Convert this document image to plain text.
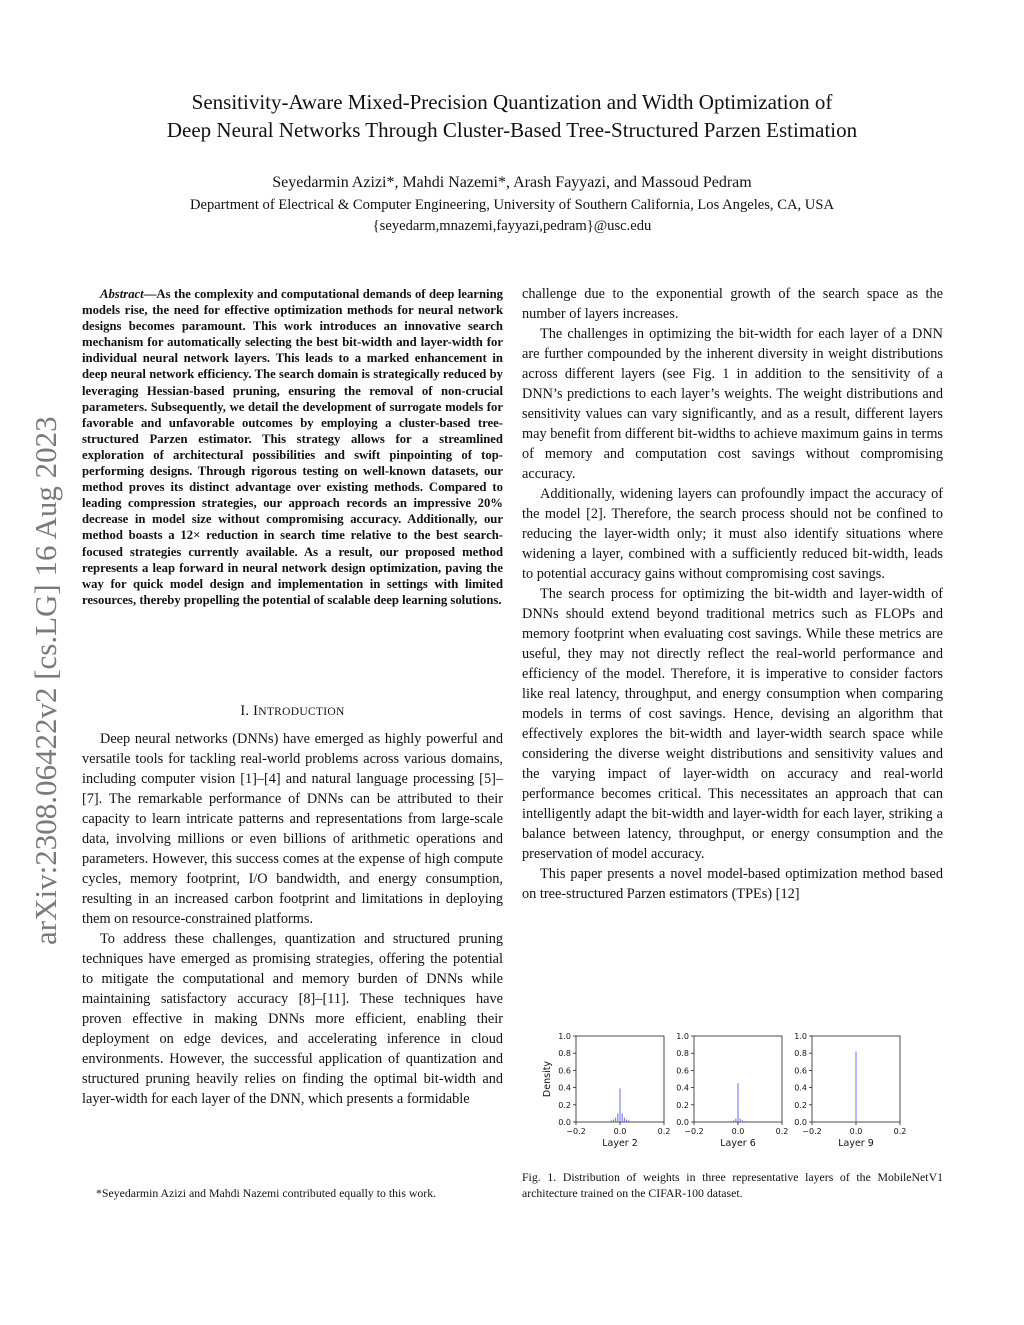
arXiv:2308.06422v2 [cs.LG] 16 Aug 2023
Sensitivity-Aware Mixed-Precision Quantization and Width Optimization of
Deep Neural Networks Through Cluster-Based Tree-Structured Parzen Estimation
Seyedarmin Azizi*, Mahdi Nazemi*, Arash Fayyazi, and Massoud Pedram
Department of Electrical & Computer Engineering, University of Southern California, Los Angeles, CA, USA
{seyedarm,mnazemi,fayyazi,pedram}@usc.edu

Abstract—As the complexity and computational demands of deep learning models rise, the need for effective optimization methods for neural network designs becomes paramount. This work introduces an innovative search mechanism for automatically selecting the best bit-width and layer-width for individual neural network layers. This leads to a marked enhancement in deep neural network efficiency. The search domain is strategically reduced by leveraging Hessian-based pruning, ensuring the removal of non-crucial parameters. Subsequently, we detail the development of surrogate models for favorable and unfavorable outcomes by employing a cluster-based tree-structured Parzen estimator. This strategy allows for a streamlined exploration of architectural possibilities and swift pinpointing of top-performing designs. Through rigorous testing on well-known datasets, our method proves its distinct advantage over existing methods. Compared to leading compression strategies, our approach records an impressive 20% decrease in model size without compromising accuracy. Additionally, our method boasts a 12× reduction in search time relative to the best search-focused strategies currently available. As a result, our proposed method represents a leap forward in neural network design optimization, paving the way for quick model design and implementation in settings with limited resources, thereby propelling the potential of scalable deep learning solutions.

I. INTRODUCTION

Deep neural networks (DNNs) have emerged as highly powerful and versatile tools for tackling real-world problems across various domains, including computer vision [1]–[4] and natural language processing [5]–[7]. The remarkable performance of DNNs can be attributed to their capacity to learn intricate patterns and representations from large-scale data, involving millions or even billions of arithmetic operations and parameters. However, this success comes at the expense of high compute cycles, memory footprint, I/O bandwidth, and energy consumption, resulting in an increased carbon footprint and limitations in deploying them on resource-constrained platforms.

To address these challenges, quantization and structured pruning techniques have emerged as promising strategies, offering the potential to mitigate the computational and memory burden of DNNs while maintaining satisfactory accuracy [8]–[11]. These techniques have proven effective in making DNNs more efficient, enabling their deployment on edge devices, and accelerating inference in cloud environments. However, the successful application of quantization and structured pruning heavily relies on finding the optimal bit-width and layer-width for each layer of the DNN, which presents a formidable

*Seyedarmin Azizi and Mahdi Nazemi contributed equally to this work.

challenge due to the exponential growth of the search space as the number of layers increases.

The challenges in optimizing the bit-width for each layer of a DNN are further compounded by the inherent diversity in weight distributions across different layers (see Fig. 1 in addition to the sensitivity of a DNN’s predictions to each layer’s weights. The weight distributions and sensitivity values can vary significantly, and as a result, different layers may benefit from different bit-widths to achieve maximum gains in terms of memory and computation cost savings without compromising accuracy.

Additionally, widening layers can profoundly impact the accuracy of the model [2]. Therefore, the search process should not be confined to reducing the layer-width only; it must also identify situations where widening a layer, combined with a sufficiently reduced bit-width, leads to potential accuracy gains without compromising cost savings.

The search process for optimizing the bit-width and layer-width of DNNs should extend beyond traditional metrics such as FLOPs and memory footprint when evaluating cost savings. While these metrics are useful, they may not directly reflect the real-world performance and efficiency of the model. Therefore, it is imperative to consider factors like real latency, throughput, and energy consumption when comparing models in terms of cost savings. Hence, devising an algorithm that effectively explores the bit-width and layer-width search space while considering the diverse weight distributions and sensitivity values and the varying impact of layer-width on accuracy and real-world performance becomes critical. This necessitates an approach that can intelligently adapt the bit-width and layer-width for each layer, striking a balance between latency, throughput, or energy consumption and the preservation of model accuracy.

This paper presents a novel model-based optimization method based on tree-structured Parzen estimators (TPEs) [12]

0.0
0.2
0.4
0.6
0.8
1.0
−0.2	0.0	0.2
Layer 2
Density
0.0
0.2
0.4
0.6
0.8
1.0
−0.2	0.0	0.2
Layer 6
0.0
0.2
0.4
0.6
0.8
1.0
−0.2	0.0	0.2
Layer 9
Fig. 1. Distribution of weights in three representative layers of the MobileNetV1 architecture trained on the CIFAR-100 dataset.
